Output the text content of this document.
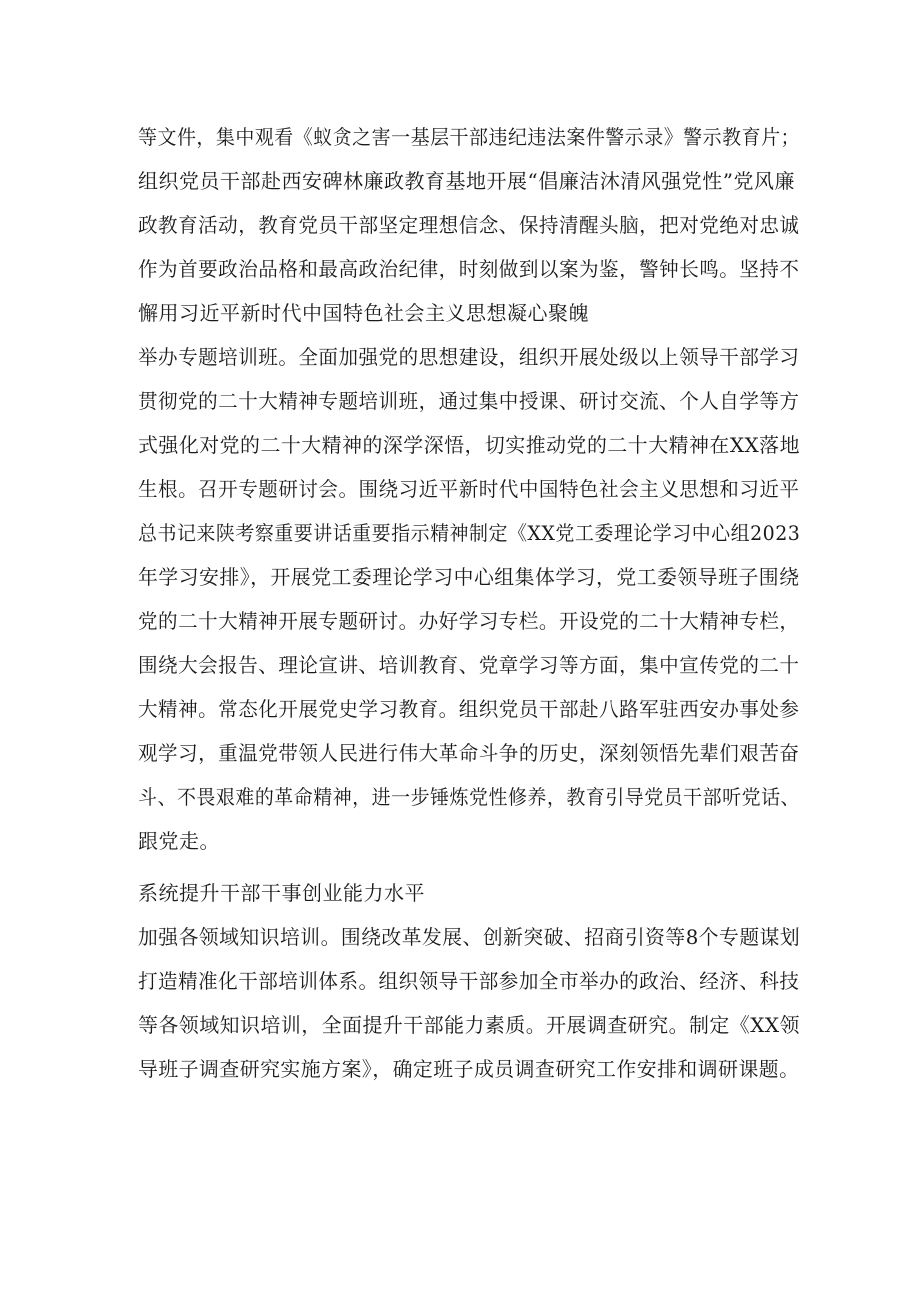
等文件，集中观看《蚁贪之害一基层干部违纪违法案件警示录》警示教育片；
组织党员干部赴西安碑林廉政教育基地开展“倡廉洁沐清风强党性”党风廉
政教育活动，教育党员干部坚定理想信念、保持清醒头脑，把对党绝对忠诚
作为首要政治品格和最高政治纪律，时刻做到以案为鉴，警钟长鸣。坚持不
懈用习近平新时代中国特色社会主义思想凝心聚魄
举办专题培训班。全面加强党的思想建设，组织开展处级以上领导干部学习
贯彻党的二十大精神专题培训班，通过集中授课、研讨交流、个人自学等方
式强化对党的二十大精神的深学深悟，切实推动党的二十大精神在XX落地
生根。召开专题研讨会。围绕习近平新时代中国特色社会主义思想和习近平
总书记来陕考察重要讲话重要指示精神制定《XX党工委理论学习中心组2023
年学习安排》，开展党工委理论学习中心组集体学习，党工委领导班子围绕
党的二十大精神开展专题研讨。办好学习专栏。开设党的二十大精神专栏，
围绕大会报告、理论宣讲、培训教育、党章学习等方面，集中宣传党的二十
大精神。常态化开展党史学习教育。组织党员干部赴八路军驻西安办事处参
观学习，重温党带领人民进行伟大革命斗争的历史，深刻领悟先辈们艰苦奋
斗、不畏艰难的革命精神，进一步锤炼党性修养，教育引导党员干部听党话、
跟党走。
系统提升干部干事创业能力水平
加强各领域知识培训。围绕改革发展、创新突破、招商引资等8个专题谋划
打造精准化干部培训体系。组织领导干部参加全市举办的政治、经济、科技
等各领域知识培训，全面提升干部能力素质。开展调查研究。制定《XX领
导班子调查研究实施方案》，确定班子成员调查研究工作安排和调研课题。
